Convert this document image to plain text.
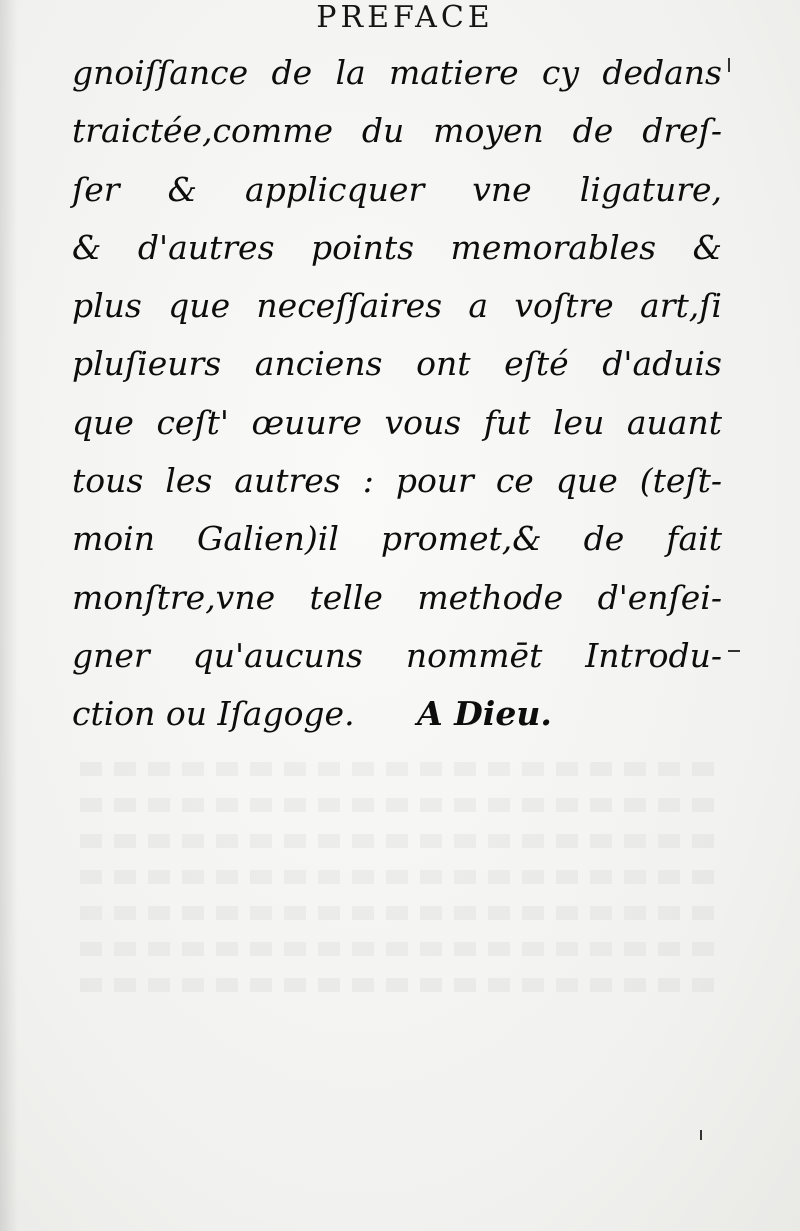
PREFACE
gnoiſſance de la matiere cy dedans
traictée,comme du moyen de dreſ-
ſer & applicquer vne ligature,
& d'autres points memorables &
plus que neceſſaires a voſtre art,ſi
pluſieurs anciens ont eſté d'aduis
que ceſt' œuure vous fut leu auant
tous les autres : pour ce que (teſt-
moin Galien)il promet,& de fait
monſtre,vne telle methode d'enſei-
gner qu'aucuns nommēt Introdu-
ction ou Iſagoge. A Dieu.
